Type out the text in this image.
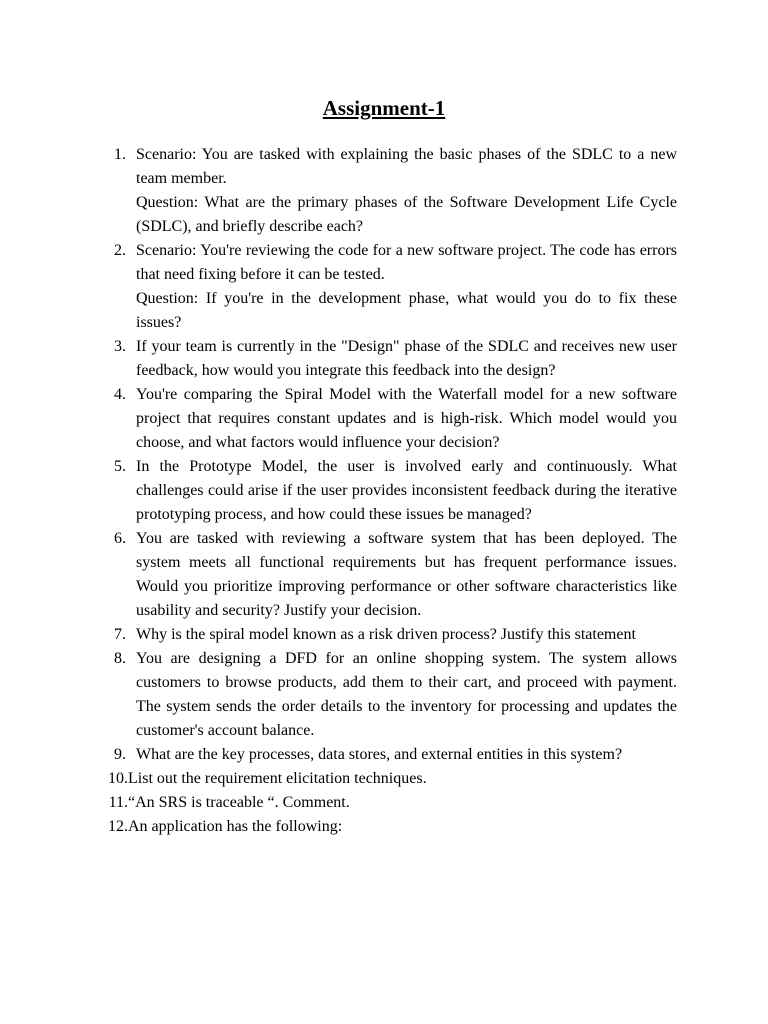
Assignment-1
1. Scenario: You are tasked with explaining the basic phases of the SDLC to a new team member.

Question: What are the primary phases of the Software Development Life Cycle (SDLC), and briefly describe each?

2. Scenario: You're reviewing the code for a new software project. The code has errors that need fixing before it can be tested.

Question: If you're in the development phase, what would you do to fix these issues?

3. If your team is currently in the "Design" phase of the SDLC and receives new user feedback, how would you integrate this feedback into the design?

4. You're comparing the Spiral Model with the Waterfall model for a new software project that requires constant updates and is high-risk. Which model would you choose, and what factors would influence your decision?

5. In the Prototype Model, the user is involved early and continuously. What challenges could arise if the user provides inconsistent feedback during the iterative prototyping process, and how could these issues be managed?

6. You are tasked with reviewing a software system that has been deployed. The system meets all functional requirements but has frequent performance issues. Would you prioritize improving performance or other software characteristics like usability and security? Justify your decision.

7. Why is the spiral model known as a risk driven process? Justify this statement

8. You are designing a DFD for an online shopping system. The system allows customers to browse products, add them to their cart, and proceed with payment. The system sends the order details to the inventory for processing and updates the customer's account balance.

9. What are the key processes, data stores, and external entities in this system?

10. List out the requirement elicitation techniques.

11. “An SRS is traceable “. Comment.

12. An application has the following:
